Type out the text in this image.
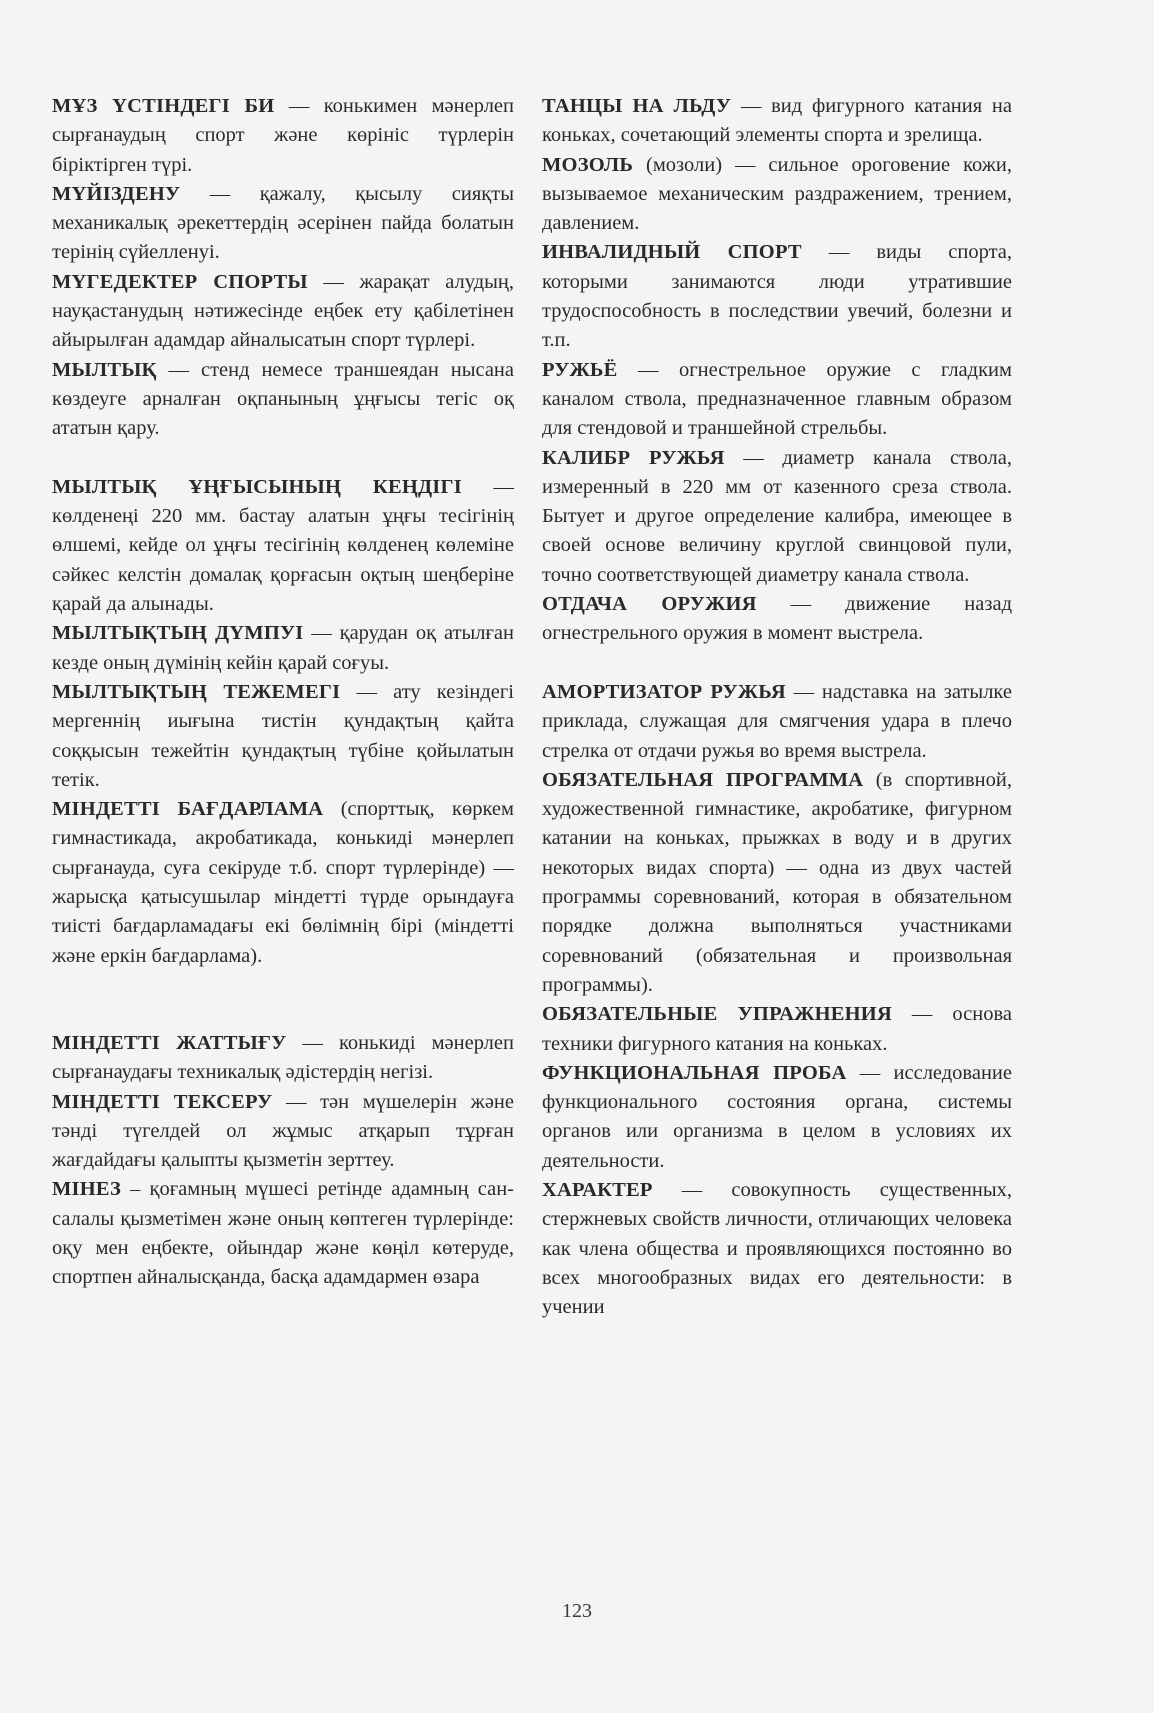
МҰЗ ҮСТІНДЕГІ БИ — конькимен мәнерлеп сырғанаудың спорт және көрініс түрлерін біріктірген түрі.

МҮЙІЗДЕНУ — қажалу, қысылу сияқты механикалық әрекеттердің әсерінен пайда болатын терінің сүйелленуі.

МҮГЕДЕКТЕР СПОРТЫ — жарақат алудың, науқастанудың нәтижесінде еңбек ету қабілетінен айырылған адамдар айналысатын спорт түрлері.

МЫЛТЫҚ — стенд немесе траншеядан нысана көздеуге арналған оқпанының ұңғысы тегіс оқ ататын қару.

МЫЛТЫҚ ҰҢҒЫСЫНЫҢ КЕҢДІГІ — көлденеңі 220 мм. бастау алатын ұңғы тесігінің өлшемі, кейде ол ұңғы тесігінің көлденең көлеміне сәйкес келстін домалақ қорғасын оқтың шеңберіне қарай да алынады.

МЫЛТЫҚТЫҢ ДҮМПУІ — қарудан оқ атылған кезде оның дүмінің кейін қарай соғуы.

МЫЛТЫҚТЫҢ ТЕЖЕМЕГІ — ату кезіндегі мергеннің иығына тистін қундақтың қайта соққысын тежейтін қундақтың түбіне қойылатын тетік.

МІНДЕТТІ БАҒДАРЛАМА (спорттық, көркем гимнастикада, акробатикада, конькиді мәнерлеп сырғанауда, суға секіруде т.б. спорт түрлерінде) — жарысқа қатысушылар міндетті түрде орындауға тиісті бағдарламадағы екі бөлімнің бірі (міндетті және еркін бағдарлама).

МІНДЕТТІ ЖАТТЫҒУ — конькиді мәнерлеп сырғанаудағы техникалық әдістердің негізі.

МІНДЕТТІ ТЕКСЕРУ — тән мүшелерін және тәнді түгелдей ол жұмыс атқарып тұрған жағдайдағы қалыпты қызметін зерттеу.

МІНЕЗ – қоғамның мүшесі ретінде адамның сан-салалы қызметімен және оның көптеген түрлерінде: оқу мен еңбекте, ойындар және көңіл көтеруде, спортпен айналысқанда, басқа адамдармен өзара

ТАНЦЫ НА ЛЬДУ — вид фигурного катания на коньках, сочетающий элементы спорта и зрелища.

МОЗОЛЬ (мозоли) — сильное ороговение кожи, вызываемое механическим раздражением, трением, давлением.

ИНВАЛИДНЫЙ СПОРТ — виды спорта, которыми занимаются люди утратившие трудоспособность в последствии увечий, болезни и т.п.

РУЖЬЁ — огнестрельное оружие с гладким каналом ствола, предназначенное главным образом для стендовой и траншейной стрельбы.

КАЛИБР РУЖЬЯ — диаметр канала ствола, измеренный в 220 мм от казенного среза ствола. Бытует и другое определение калибра, имеющее в своей основе величину круглой свинцовой пули, точно соответствующей диаметру канала ствола.

ОТДАЧА ОРУЖИЯ — движение назад огнестрельного оружия в момент выстрела.

АМОРТИЗАТОР РУЖЬЯ — надставка на затылке приклада, служащая для смягчения удара в плечо стрелка от отдачи ружья во время выстрела.

ОБЯЗАТЕЛЬНАЯ ПРОГРАММА (в спортивной, художественной гимнастике, акробатике, фигурном катании на коньках, прыжках в воду и в других некоторых видах спорта) — одна из двух частей программы соревнований, которая в обязательном порядке должна выполняться участниками соревнований (обязательная и произвольная программы).

ОБЯЗАТЕЛЬНЫЕ УПРАЖНЕНИЯ — основа техники фигурного катания на коньках.

ФУНКЦИОНАЛЬНАЯ ПРОБА — исследование функционального состояния органа, системы органов или организма в целом в условиях их деятельности.

ХАРАКТЕР — совокупность существенных, стержневых свойств личности, отличающих человека как члена общества и проявляющихся постоянно во всех многообразных видах его деятельности: в учении

123
